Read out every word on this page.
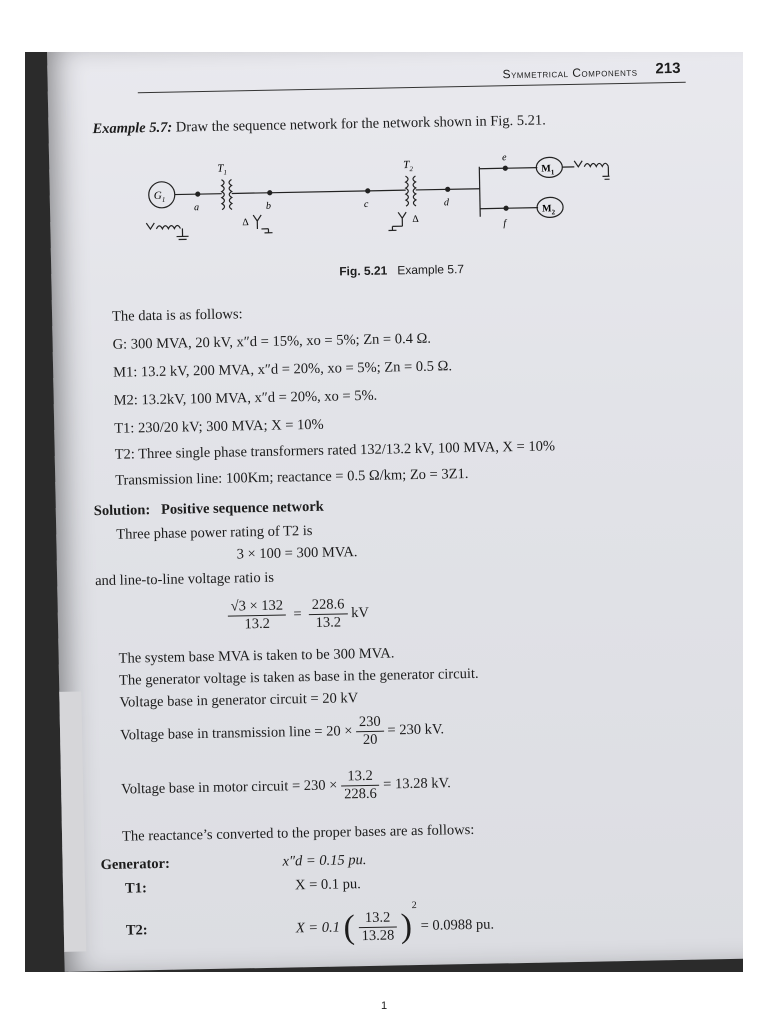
Symmetrical Components 213
Example 5.7: Draw the sequence network for the network shown in Fig. 5.21.
$G_1$
$T_1$
$T_2$
a	b	c	d
e
f
$M_1$
$M_2$
Δ	Δ
Fig. 5.21 Example 5.7
The data is as follows:
G: 300 MVA, 20 kV, x″d = 15%, xo = 5%; Zn = 0.4 Ω.
M1: 13.2 kV, 200 MVA, x″d = 20%, xo = 5%; Zn = 0.5 Ω.
M2: 13.2kV, 100 MVA, x″d = 20%, xo = 5%.
T1: 230/20 kV; 300 MVA; X = 10%
T2: Three single phase transformers rated 132/13.2 kV, 100 MVA, X = 10%
Transmission line: 100Km; reactance = 0.5 Ω/km; Zo = 3Z1.
Solution: Positive sequence network
Three phase power rating of T2 is
3 × 100 = 300 MVA.
and line-to-line voltage ratio is
$\frac{√3 \times 132}{13.2} = \frac{228.6}{13.2}$ kV
The system base MVA is taken to be 300 MVA.
The generator voltage is taken as base in the generator circuit.
Voltage base in generator circuit = 20 kV
Voltage base in transmission line = $20 \times \frac{230}{20} = 230$ kV.
Voltage base in motor circuit = $230 \times \frac{13.2}{228.6} = 13.28$ kV.
The reactance’s converted to the proper bases are as follows:
Generator:	x″d = 0.15 pu.
T1:	X = 0.1 pu.
T2:	X = 0.1 ( $\frac{13.2}{13.28} )^2 = 0.0988$ pu.
1
